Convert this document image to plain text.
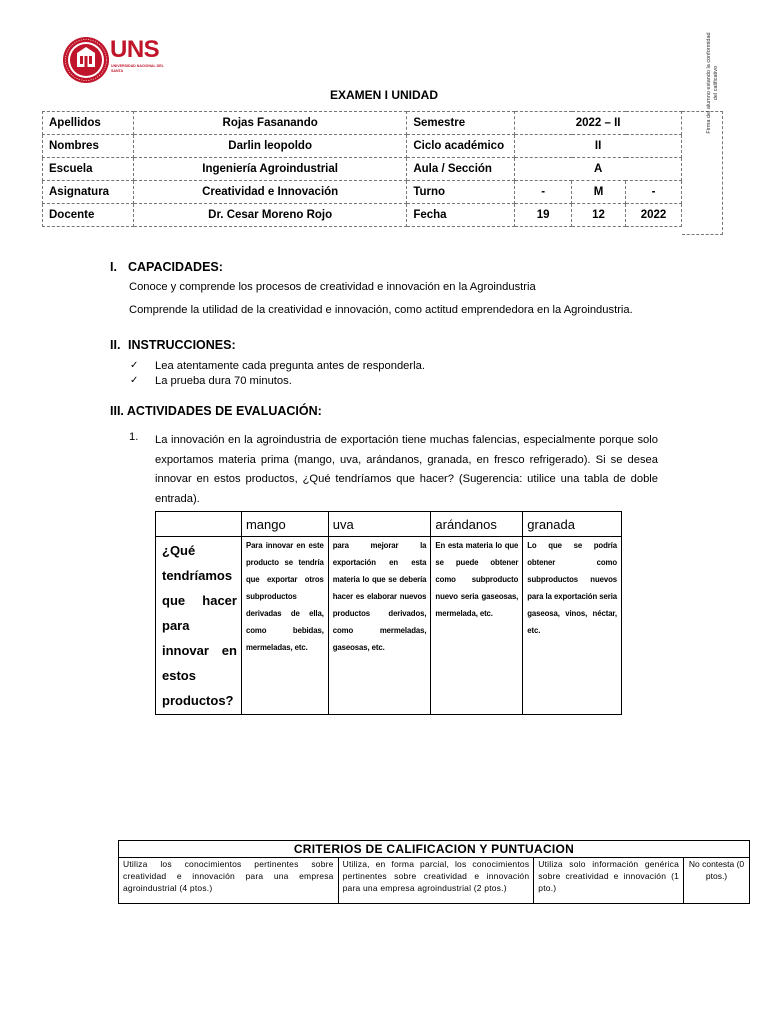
UNS
UNIVERSIDAD NACIONAL DEL SANTA
EXAMEN I UNIDAD
Apellidos	Rojas Fasanando	Semestre	2022 – II		
Nombres	Darlin leopoldo	Ciclo académico	II		
Escuela	Ingeniería Agroindustrial	Aula / Sección	A		
Asignatura	Creatividad e Innovación	Turno	-	M	-
Docente	Dr. Cesar Moreno Rojo	Fecha	19	12	2022
Firma del alumno estando la conformidad del calificativo
I. CAPACIDADES:
Conoce y comprende los procesos de creatividad e innovación en la Agroindustria
Comprende la utilidad de la creatividad e innovación, como actitud emprendedora en la Agroindustria.
II. INSTRUCCIONES:
✓ Lea atentamente cada pregunta antes de responderla.
✓ La prueba dura 70 minutos.
III. ACTIVIDADES DE EVALUACIÓN:
1. La innovación en la agroindustria de exportación tiene muchas falencias, especialmente porque solo exportamos materia prima (mango, uva, arándanos, granada, en fresco refrigerado). Si se desea innovar en estos productos, ¿Qué tendríamos que hacer? (Sugerencia: utilice una tabla de doble entrada).
	mango	uva	arándanos	granada
¿Qué tendríamos que hacer para innovar en estos productos?	Para innovar en este producto se tendría que exportar otros subproductos derivadas de ella, como bebidas, mermeladas, etc.	para mejorar la exportación en esta materia lo que se debería hacer es elaborar nuevos productos derivados, como mermeladas, gaseosas, etc.	En esta materia lo que se puede obtener como subproducto nuevo seria gaseosas, mermelada, etc.	Lo que se podría obtener como subproductos nuevos para la exportación seria gaseosa, vinos, néctar, etc.
CRITERIOS DE CALIFICACION Y PUNTUACION
Utiliza los conocimientos pertinentes sobre creatividad e innovación para una empresa agroindustrial (4 ptos.)	Utiliza, en forma parcial, los conocimientos pertinentes sobre creatividad e innovación para una empresa agroindustrial (2 ptos.)	Utiliza solo información genérica sobre creatividad e innovación (1 pto.)	No contesta (0 ptos.)
